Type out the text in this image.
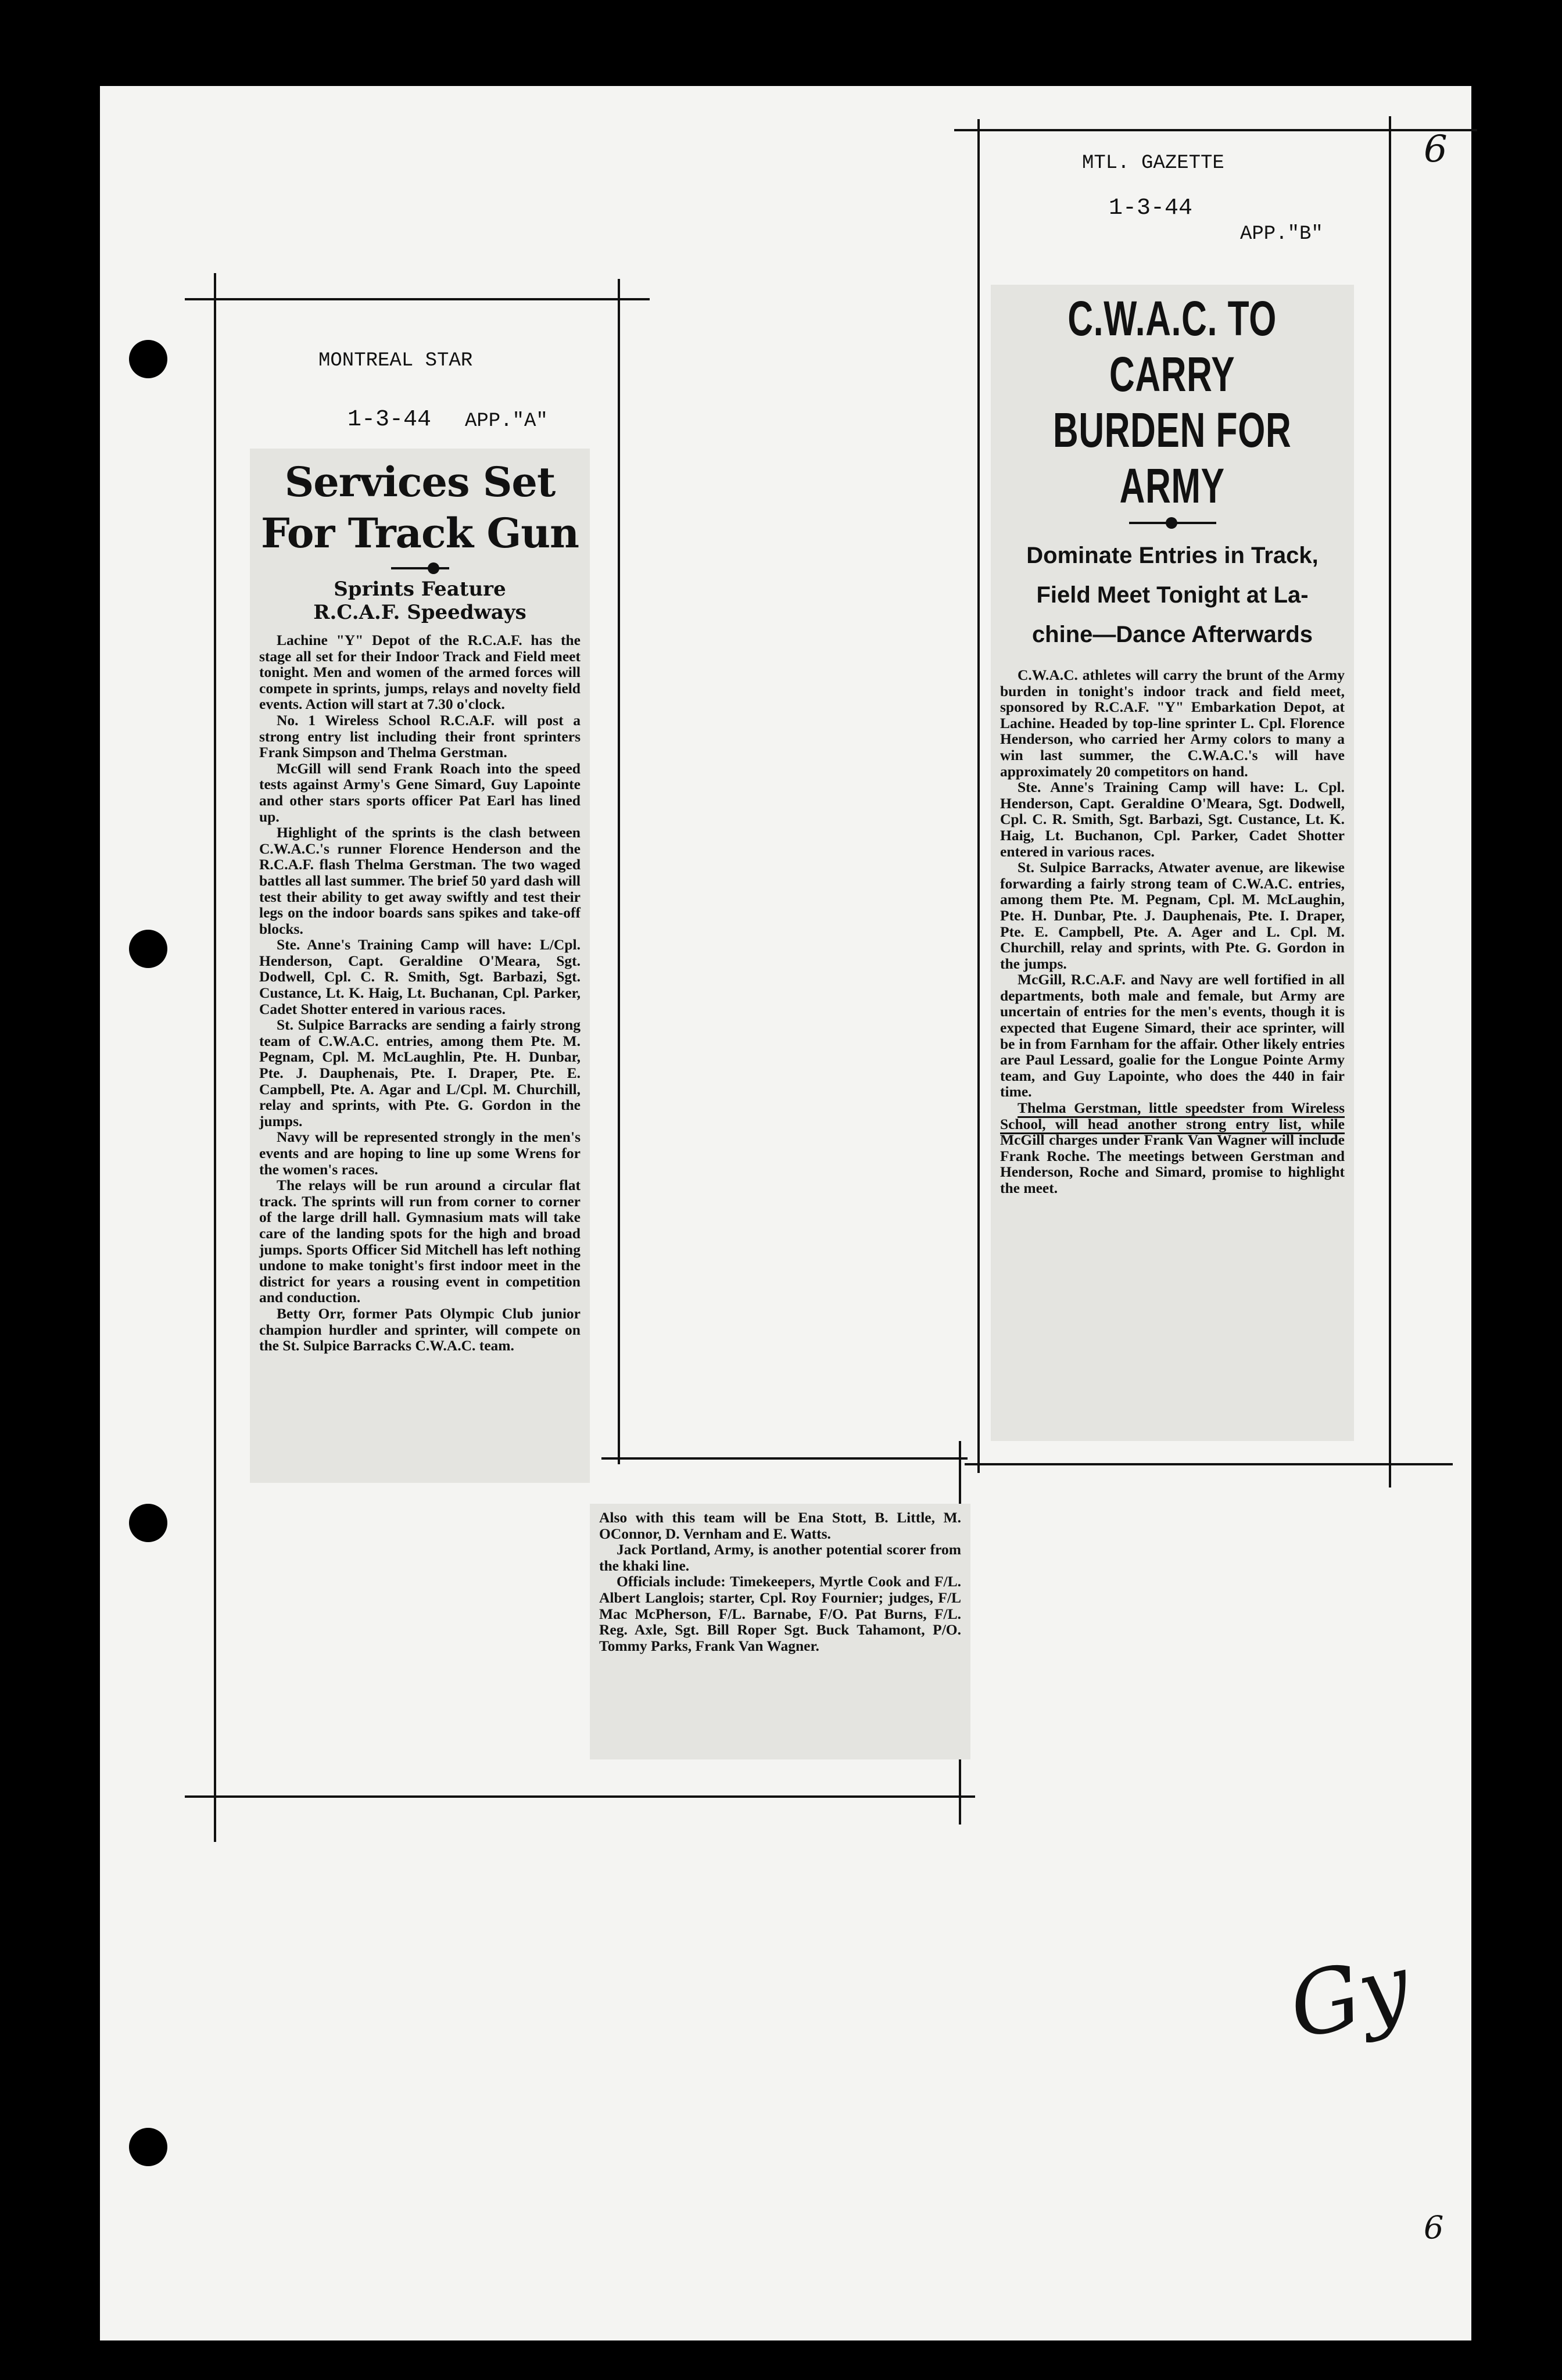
MONTREAL STAR
1-3-44 APP."A"
MTL. GAZETTE
1-3-44
APP."B"
6
9
Gy
Services Set
For Track Gun
Sprints Feature
R.C.A.F. Speedways

Lachine "Y" Depot of the R.C.A.F. has the stage all set for their Indoor Track and Field meet tonight. Men and women of the armed forces will compete in sprints, jumps, relays and novelty field events. Action will start at 7.30 o'clock.

No. 1 Wireless School R.C.A.F. will post a strong entry list including their front sprinters Frank Simpson and Thelma Gerstman.

McGill will send Frank Roach into the speed tests against Army's Gene Simard, Guy Lapointe and other stars sports officer Pat Earl has lined up.

Highlight of the sprints is the clash between C.W.A.C.'s runner Florence Henderson and the R.C.A.F. flash Thelma Gerstman. The two waged battles all last summer. The brief 50 yard dash will test their ability to get away swiftly and test their legs on the indoor boards sans spikes and take-off blocks.

Ste. Anne's Training Camp will have: L/Cpl. Henderson, Capt. Geraldine O'Meara, Sgt. Dodwell, Cpl. C. R. Smith, Sgt. Barbazi, Sgt. Custance, Lt. K. Haig, Lt. Buchanan, Cpl. Parker, Cadet Shotter entered in various races.

St. Sulpice Barracks are sending a fairly strong team of C.W.A.C. entries, among them Pte. M. Pegnam, Cpl. M. McLaughlin, Pte. H. Dunbar, Pte. J. Dauphenais, Pte. I. Draper, Pte. E. Campbell, Pte. A. Agar and L/Cpl. M. Churchill, relay and sprints, with Pte. G. Gordon in the jumps.

Navy will be represented strongly in the men's events and are hoping to line up some Wrens for the women's races.

The relays will be run around a circular flat track. The sprints will run from corner to corner of the large drill hall. Gymnasium mats will take care of the landing spots for the high and broad jumps. Sports Officer Sid Mitchell has left nothing undone to make tonight's first indoor meet in the district for years a rousing event in competition and conduction.

Betty Orr, former Pats Olympic Club junior champion hurdler and sprinter, will compete on the St. Sulpice Barracks C.W.A.C. team.

Also with this team will be Ena Stott, B. Little, M. OConnor, D. Vernham and E. Watts.

Jack Portland, Army, is another potential scorer from the khaki line.

Officials include: Timekeepers, Myrtle Cook and F/L. Albert Langlois; starter, Cpl. Roy Fournier; judges, F/L Mac McPherson, F/L. Barnabe, F/O. Pat Burns, F/L. Reg. Axle, Sgt. Bill Roper Sgt. Buck Tahamont, P/O. Tommy Parks, Frank Van Wagner.

C.W.A.C. TO CARRY
BURDEN FOR ARMY
Dominate Entries in Track,
Field Meet Tonight at La-
chine—Dance Afterwards

C.W.A.C. athletes will carry the brunt of the Army burden in tonight's indoor track and field meet, sponsored by R.C.A.F. "Y" Embarkation Depot, at Lachine. Headed by top-line sprinter L. Cpl. Florence Henderson, who carried her Army colors to many a win last summer, the C.W.A.C.'s will have approximately 20 competitors on hand.

Ste. Anne's Training Camp will have: L. Cpl. Henderson, Capt. Geraldine O'Meara, Sgt. Dodwell, Cpl. C. R. Smith, Sgt. Barbazi, Sgt. Custance, Lt. K. Haig, Lt. Buchanon, Cpl. Parker, Cadet Shotter entered in various races.

St. Sulpice Barracks, Atwater avenue, are likewise forwarding a fairly strong team of C.W.A.C. entries, among them Pte. M. Pegnam, Cpl. M. McLaughin, Pte. H. Dunbar, Pte. J. Dauphenais, Pte. I. Draper, Pte. E. Campbell, Pte. A. Ager and L. Cpl. M. Churchill, relay and sprints, with Pte. G. Gordon in the jumps.

McGill, R.C.A.F. and Navy are well fortified in all departments, both male and female, but Army are uncertain of entries for the men's events, though it is expected that Eugene Simard, their ace sprinter, will be in from Farnham for the affair. Other likely entries are Paul Lessard, goalie for the Longue Pointe Army team, and Guy Lapointe, who does the 440 in fair time.

Thelma Gerstman, little speedster from Wireless School, will head another strong entry list, while McGill charges under Frank Van Wagner will include Frank Roche. The meetings between Gerstman and Henderson, Roche and Simard, promise to highlight the meet.
